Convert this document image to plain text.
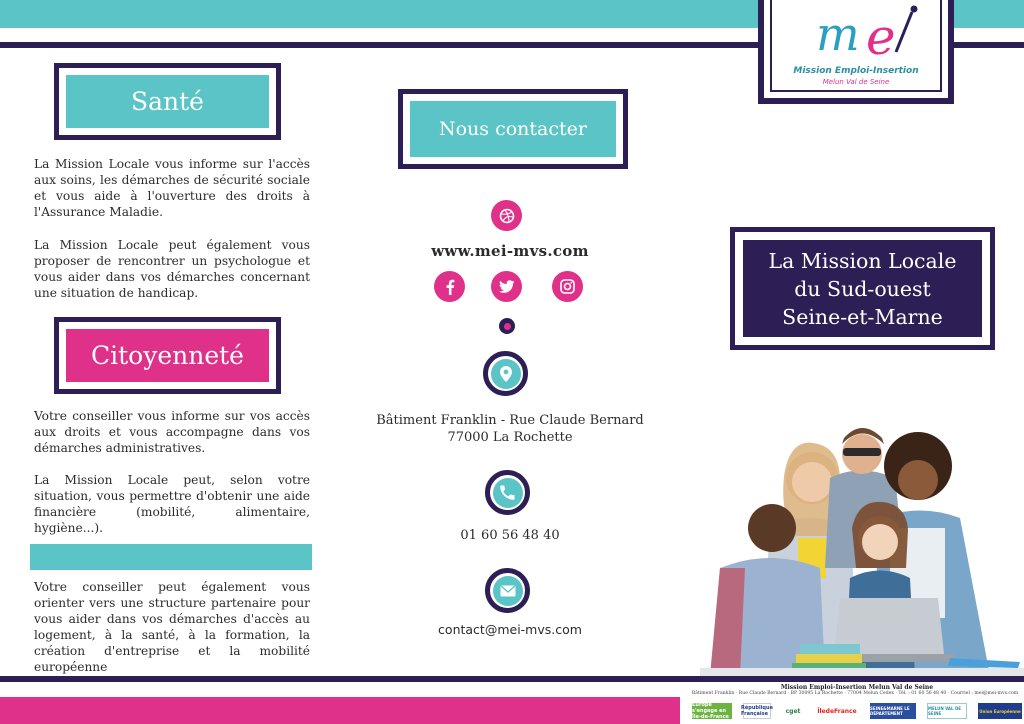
m e
Mission Emploi-Insertion
Melun Val de Seine
Santé
La Mission Locale vous informe sur l'accès aux soins, les démarches de sécurité sociale et vous aide à l'ouverture des droits à l'Assurance Maladie.
La Mission Locale peut également vous proposer de rencontrer un psychologue et vous aider dans vos démarches concernant une situation de handicap.
Citoyenneté
Votre conseiller vous informe sur vos accès aux droits et vous accompagne dans vos démarches administratives.
La Mission Locale peut, selon votre situation, vous permettre d'obtenir une aide financière (mobilité, alimentaire, hygiène...).
Votre conseiller peut également vous orienter vers une structure partenaire pour vous aider dans vos démarches d'accès au logement, à la santé, à la formation, la création d'entreprise et la mobilité européenne
Nous contacter
www.mei-mvs.com
Bâtiment Franklin - Rue Claude Bernard
77000 La Rochette
01 60 56 48 40
contact@mei-mvs.com
La Mission Locale
du Sud-ouest
Seine-et-Marne
Mission Emploi-Insertion Melun Val de Seine
Bâtiment Franklin · Rue Claude Bernard · BP 30095 La Rochette · 77004 Melun Cedex · Tél. : 01 60 56 48 40 · Courriel : mei@mei-mvs.com
Europe s'engage en Île-de-France
République Française	cget	ÎledeFrance	SEINE&MARNE LE DÉPARTEMENT
MELUN VAL DE SEINE	Union Européenne
